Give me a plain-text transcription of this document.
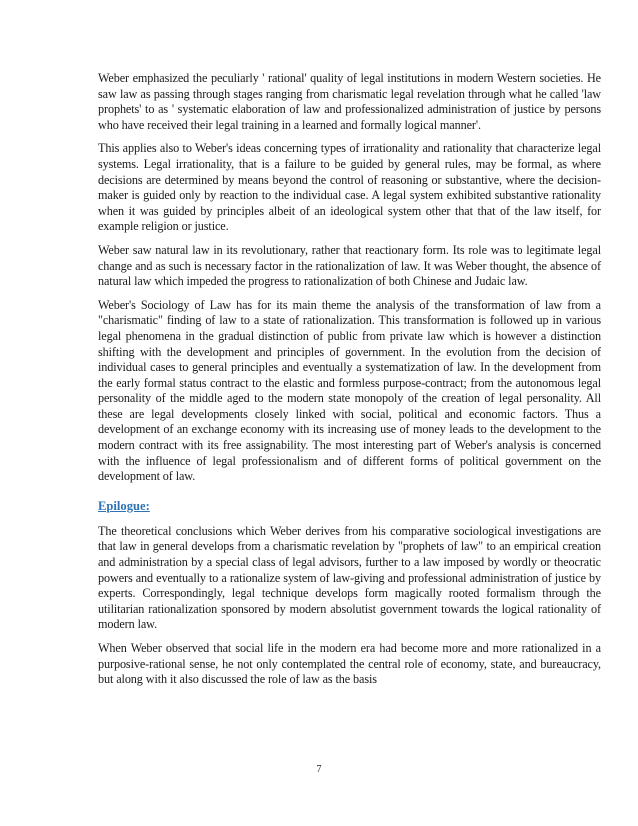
Weber emphasized the peculiarly ' rational' quality of legal institutions in modern Western societies. He saw law as passing through stages ranging from charismatic legal revelation through what he called 'law prophets' to as ' systematic elaboration of law and professionalized administration of justice by persons who have received their legal training in a learned and formally logical manner'.

This applies also to Weber's ideas concerning types of irrationality and rationality that characterize legal systems. Legal irrationality, that is a failure to be guided by general rules, may be formal, as where decisions are determined by means beyond the control of reasoning or substantive, where the decision- maker is guided only by reaction to the individual case. A legal system exhibited substantive rationality when it was guided by principles albeit of an ideological system other that that of the law itself, for example religion or justice.

Weber saw natural law in its revolutionary, rather that reactionary form. Its role was to legitimate legal change and as such is necessary factor in the rationalization of law. It was Weber thought, the absence of natural law which impeded the progress to rationalization of both Chinese and Judaic law.

Weber's Sociology of Law has for its main theme the analysis of the transformation of law from a "charismatic" finding of law to a state of rationalization. This transformation is followed up in various legal phenomena in the gradual distinction of public from private law which is however a distinction shifting with the development and principles of government. In the evolution from the decision of individual cases to general principles and eventually a systematization of law. In the development from the early formal status contract to the elastic and formless purpose-contract; from the autonomous legal personality of the middle aged to the modern state monopoly of the creation of legal personality. All these are legal developments closely linked with social, political and economic factors. Thus a development of an exchange economy with its increasing use of money leads to the development to the modern contract with its free assignability. The most interesting part of Weber's analysis is concerned with the influence of legal professionalism and of different forms of political government on the development of law.

Epilogue:

The theoretical conclusions which Weber derives from his comparative sociological investigations are that law in general develops from a charismatic revelation by "prophets of law" to an empirical creation and administration by a special class of legal advisors, further to a law imposed by wordly or theocratic powers and eventually to a rationalize system of law-giving and professional administration of justice by experts. Correspondingly, legal technique develops form magically rooted formalism through the utilitarian rationalization sponsored by modern absolutist government towards the logical rationality of modern law.

When Weber observed that social life in the modern era had become more and more rationalized in a purposive-rational sense, he not only contemplated the central role of economy, state, and bureaucracy, but along with it also discussed the role of law as the basis

7
